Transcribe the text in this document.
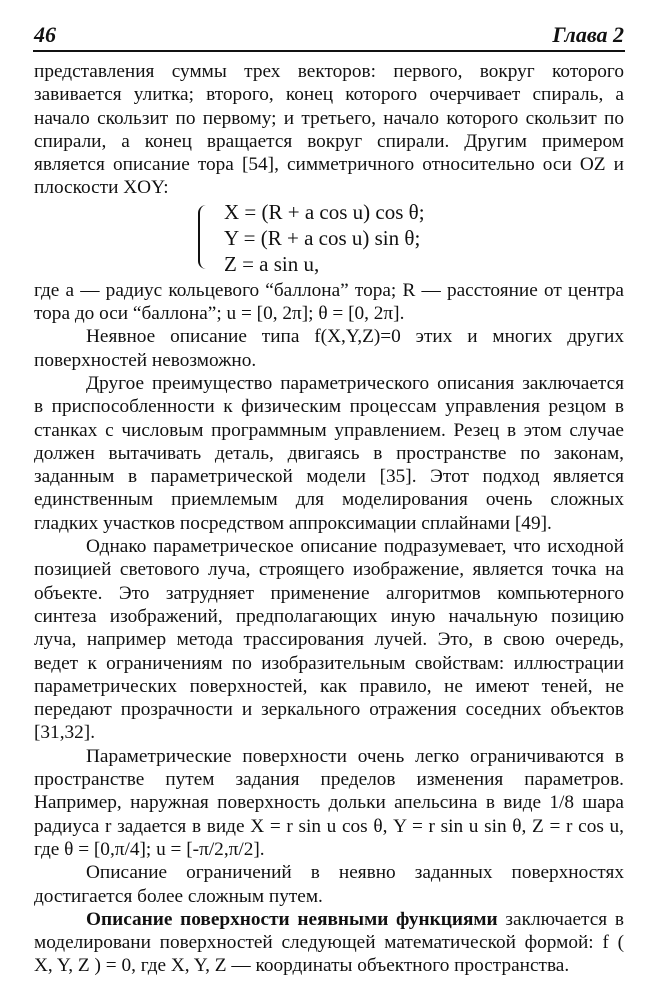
46	Глава 2

представления суммы трех векторов: первого, вокруг которого завивается улитка; второго, конец которого очерчивает спираль, а начало скользит по первому; и третьего, начало которого скользит по спирали, а конец вращается вокруг спирали. Другим примером является описание тора [54], симметричного относительно оси OZ и плоскости XOY:

X = (R + a cos u) cos θ;
Y = (R + a cos u) sin θ;
Z = a sin u,

где a — радиус кольцевого “баллона” тора; R — расстояние от центра тора до оси “баллона”; u = [0, 2π]; θ = [0, 2π].

Неявное описание типа f(X,Y,Z)=0 этих и многих других поверхностей невозможно.

Другое преимущество параметрического описания заключается в приспособленности к физическим процессам управления резцом в станках с числовым программным управлением. Резец в этом случае должен вытачивать деталь, двигаясь в пространстве по законам, заданным в параметрической модели [35]. Этот подход является единственным приемлемым для моделирования очень сложных гладких участков посредством аппроксимации сплайнами [49].

Однако параметрическое описание подразумевает, что исходной позицией светового луча, строящего изображение, является точка на объекте. Это затрудняет применение алгоритмов компьютерного синтеза изображений, предполагающих иную начальную позицию луча, например метода трассирования лучей. Это, в свою очередь, ведет к ограничениям по изобразительным свойствам: иллюстрации параметрических поверхностей, как правило, не имеют теней, не передают прозрачности и зеркального отражения соседних объектов [31,32].

Параметрические поверхности очень легко ограничиваются в пространстве путем задания пределов изменения параметров. Например, наружная поверхность дольки апельсина в виде 1/8 шара радиуса r задается в виде X = r sin u cos θ, Y = r sin u sin θ, Z = r cos u, где θ = [0,π/4]; u = [-π/2,π/2].

Описание ограничений в неявно заданных поверхностях достигается более сложным путем.

Описание поверхности неявными функциями заключается в моделировани поверхностей следующей математической формой: f ( X, Y, Z ) = 0, где X, Y, Z — координаты объектного пространства.
